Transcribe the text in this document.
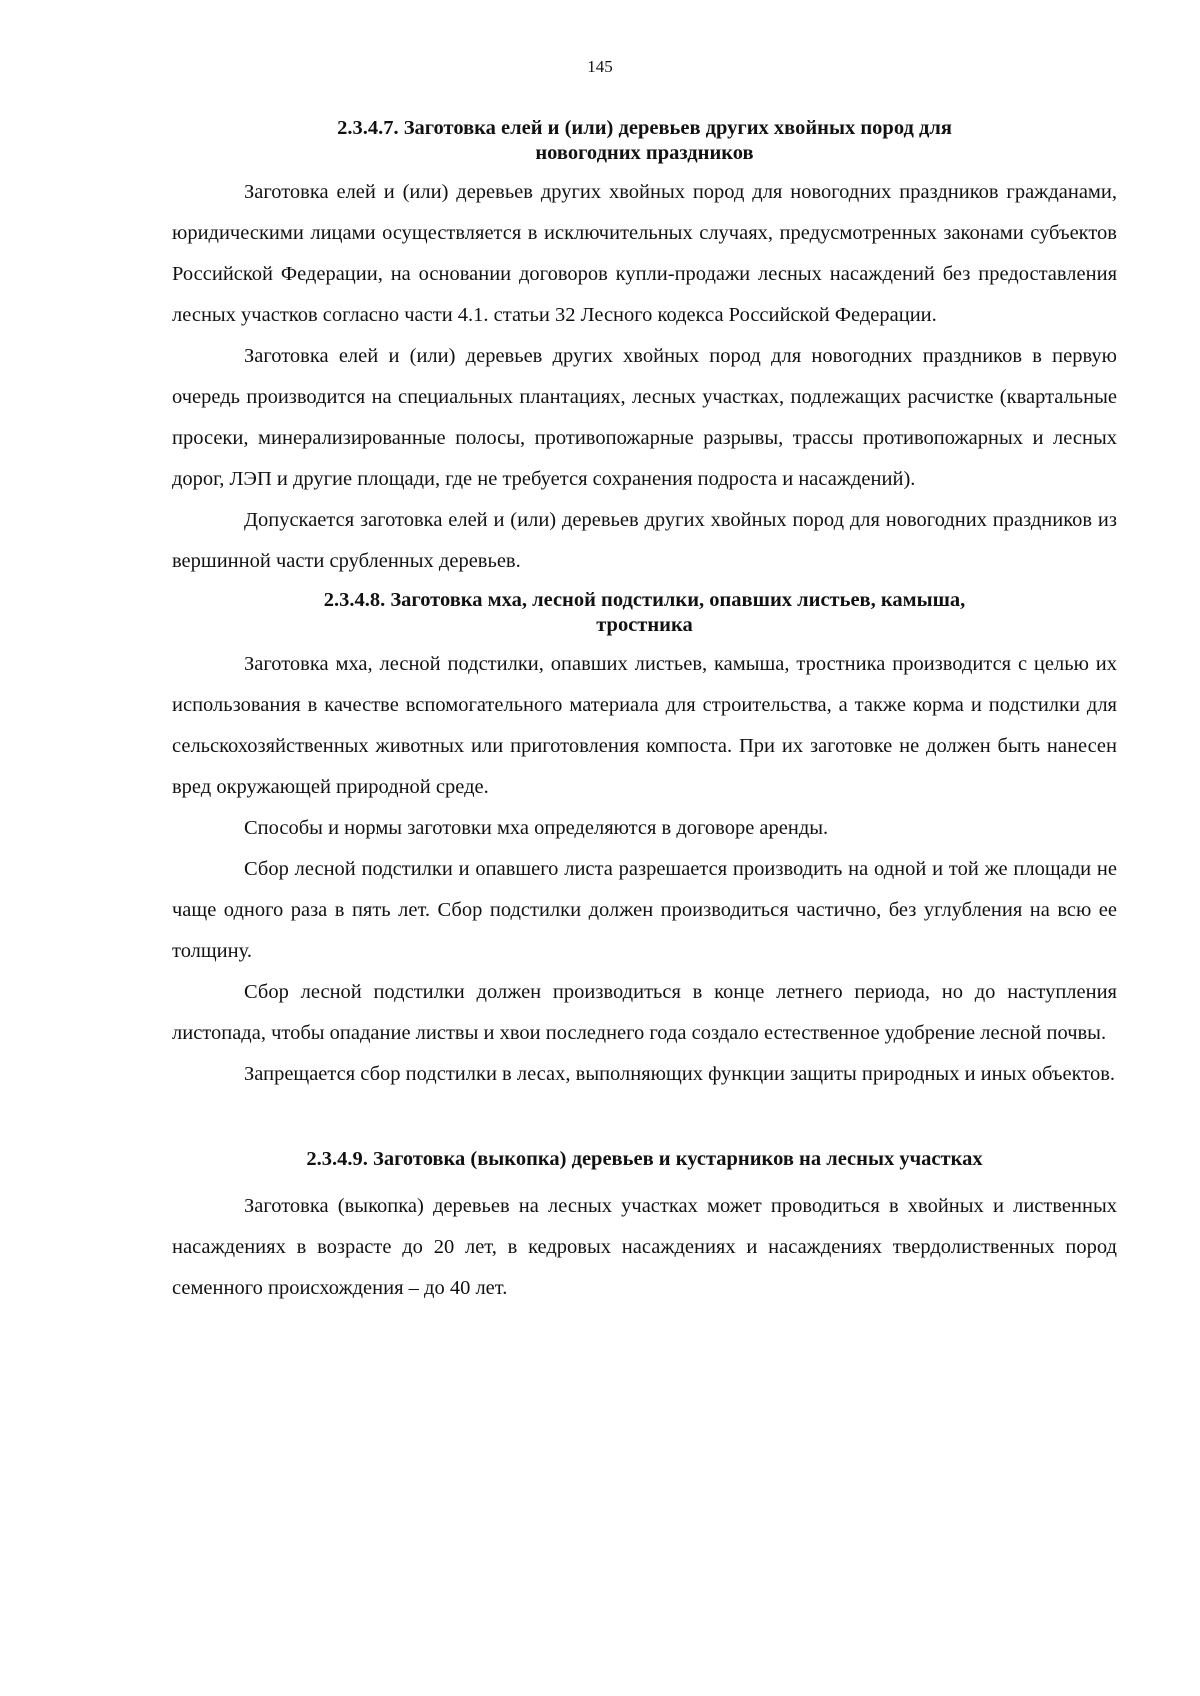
145
2.3.4.7. Заготовка елей и (или) деревьев других хвойных пород для
новогодних праздников

Заготовка елей и (или) деревьев других хвойных пород для новогодних праздников гражданами, юридическими лицами осуществляется в исключительных случаях, предусмотренных законами субъектов Российской Федерации, на основании договоров купли-продажи лесных насаждений без предоставления лесных участков согласно части 4.1. статьи 32 Лесного кодекса Российской Федерации.

Заготовка елей и (или) деревьев других хвойных пород для новогодних праздников в первую очередь производится на специальных плантациях, лесных участках, подлежащих расчистке (квартальные просеки, минерализированные полосы, противопожарные разрывы, трассы противопожарных и лесных дорог, ЛЭП и другие площади, где не требуется сохранения подроста и насаждений).

Допускается заготовка елей и (или) деревьев других хвойных пород для новогодних праздников из вершинной части срубленных деревьев.

2.3.4.8. Заготовка мха, лесной подстилки, опавших листьев, камыша,
тростника

Заготовка мха, лесной подстилки, опавших листьев, камыша, тростника производится с целью их использования в качестве вспомогательного материала для строительства, а также корма и подстилки для сельскохозяйственных животных или приготовления компоста. При их заготовке не должен быть нанесен вред окружающей природной среде.

Способы и нормы заготовки мха определяются в договоре аренды.

Сбор лесной подстилки и опавшего листа разрешается производить на одной и той же площади не чаще одного раза в пять лет. Сбор подстилки должен производиться частично, без углубления на всю ее толщину.

Сбор лесной подстилки должен производиться в конце летнего периода, но до наступления листопада, чтобы опадание листвы и хвои последнего года создало естественное удобрение лесной почвы.

Запрещается сбор подстилки в лесах, выполняющих функции защиты природных и иных объектов.

2.3.4.9. Заготовка (выкопка) деревьев и кустарников на лесных участках

Заготовка (выкопка) деревьев на лесных участках может проводиться в хвойных и лиственных насаждениях в возрасте до 20 лет, в кедровых насаждениях и насаждениях твердолиственных пород семенного происхождения – до 40 лет.
